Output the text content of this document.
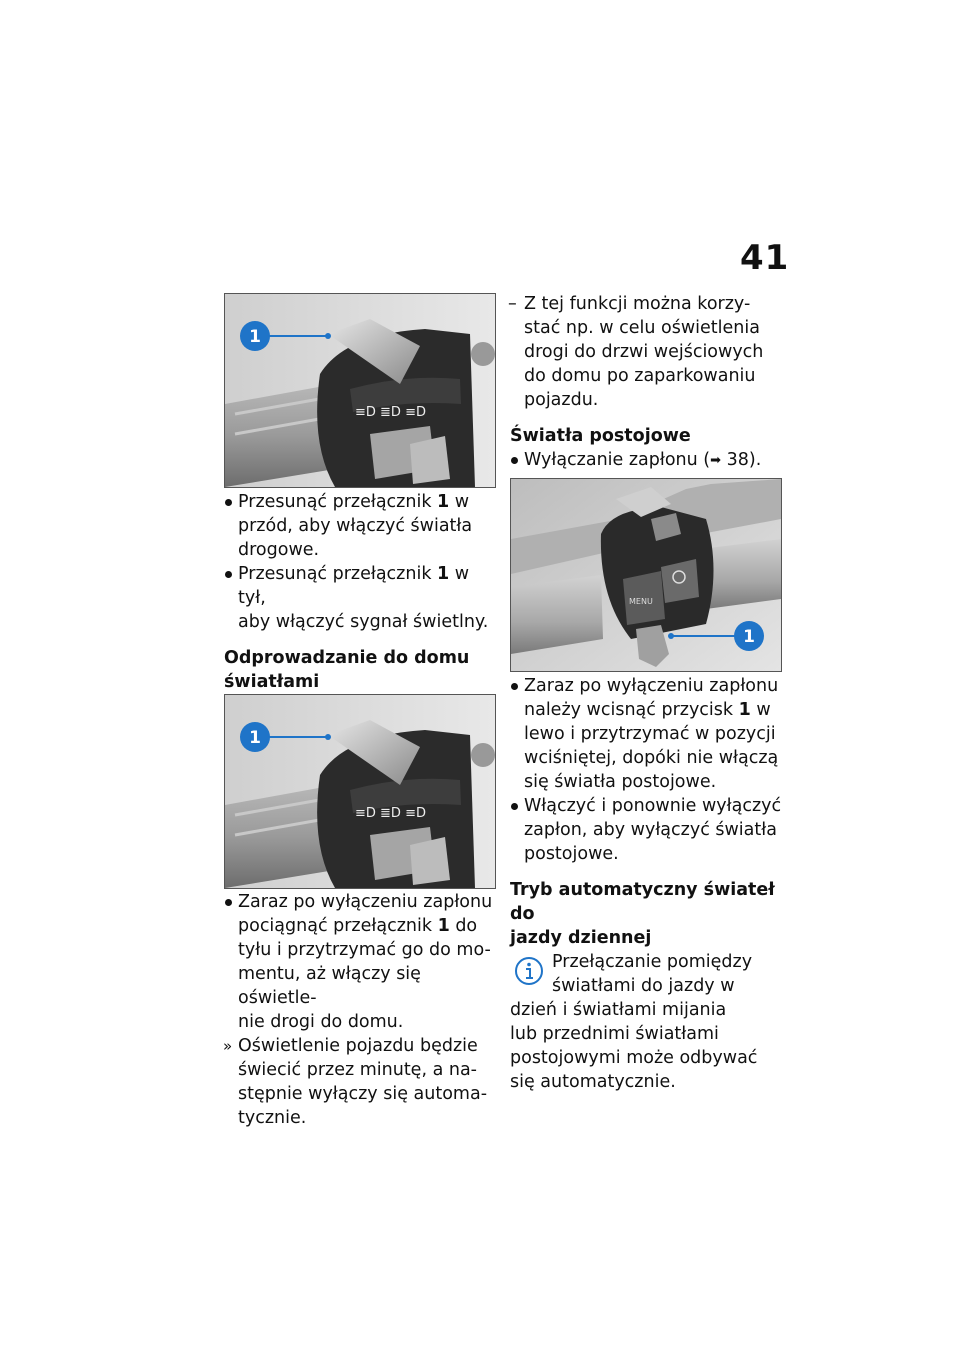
41
≡D ≣D ≡D
1
Przesunąć przełącznik 1 w
przód, aby włączyć światła
drogowe.
Przesunąć przełącznik 1 w tył,
aby włączyć sygnał świetlny.
Odprowadzanie do domu
światłami
≡D ≣D ≡D
1
Zaraz po wyłączeniu zapłonu
pociągnąć przełącznik 1 do
tyłu i przytrzymać go do mo-
mentu, aż włączy się oświetle-
nie drogi do domu.
» Oświetlenie pojazdu będzie
świecić przez minutę, a na-
stępnie wyłączy się automa-
tycznie.
– Z tej funkcji można korzy-
stać np. w celu oświetlenia
drogi do drzwi wejściowych
do domu po zaparkowaniu
pojazdu.
Światła postojowe
Wyłączanie zapłonu (➡ 38).
MENU
1
Zaraz po wyłączeniu zapłonu
należy wcisnąć przycisk 1 w
lewo i przytrzymać w pozycji
wciśniętej, dopóki nie włączą
się światła postojowe.
Włączyć i ponownie wyłączyć
zapłon, aby wyłączyć światła
postojowe.
Tryb automatyczny świateł do
jazdy dziennej
Przełączanie pomiędzy
światłami do jazdy w
dzień i światłami mijania
lub przednimi światłami
postojowymi może odbywać
się automatycznie.
